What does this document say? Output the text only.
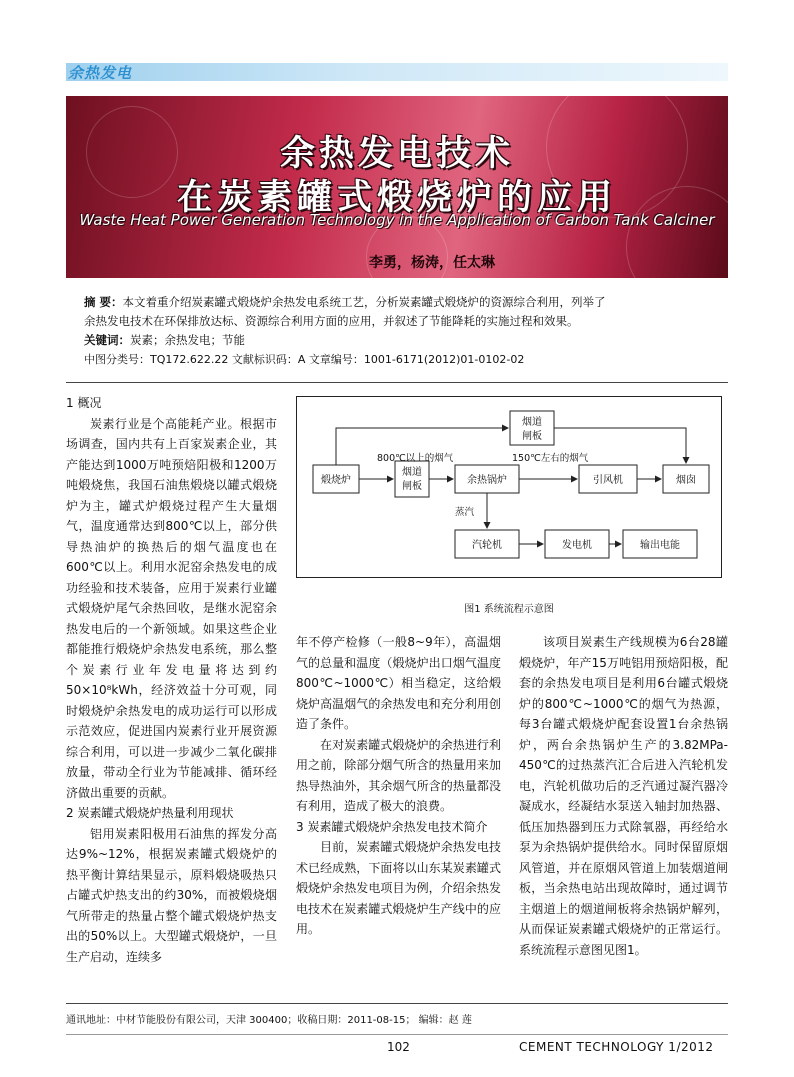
余热发电
余热发电技术
在炭素罐式煅烧炉的应用
Waste Heat Power Generation Technology in the Application of Carbon Tank Calciner
李勇，杨涛，任太琳
摘 要：本文着重介绍炭素罐式煅烧炉余热发电系统工艺，分析炭素罐式煅烧炉的资源综合利用，列举了
余热发电技术在环保排放达标、资源综合利用方面的应用，并叙述了节能降耗的实施过程和效果。
关键词：炭素；余热发电；节能
中图分类号：TQ172.622.22 文献标识码：A 文章编号：1001-6171(2012)01-0102-02
1 概况

炭素行业是个高能耗产业。根据市场调查，国内共有上百家炭素企业，其产能达到1000万吨预焙阳极和1200万吨煅烧焦，我国石油焦煅烧以罐式煅烧炉为主，罐式炉煅烧过程产生大量烟气，温度通常达到800℃以上，部分供导热油炉的换热后的烟气温度也在600℃以上。利用水泥窑余热发电的成功经验和技术装备，应用于炭素行业罐式煅烧炉尾气余热回收，是继水泥窑余热发电后的一个新领域。如果这些企业都能推行煅烧炉余热发电系统，那么整个炭素行业年发电量将达到约50×10⁸kWh，经济效益十分可观，同时煅烧炉余热发电的成功运行可以形成示范效应，促进国内炭素行业开展资源综合利用，可以进一步减少二氧化碳排放量，带动全行业为节能减排、循环经济做出重要的贡献。

2 炭素罐式煅烧炉热量利用现状

铝用炭素阳极用石油焦的挥发分高达9%~12%，根据炭素罐式煅烧炉的热平衡计算结果显示，原料煅烧吸热只占罐式炉热支出的约30%，而被煅烧烟气所带走的热量占整个罐式煅烧炉热支出的50%以上。大型罐式煅烧炉，一旦生产启动，连续多

煅烧炉
烟道
闸板
余热锅炉	引风机	烟囱
烟道
闸板
汽轮机	发电机	输出电能
800℃以上的烟气	150℃左右的烟气
蒸汽
图1 系统流程示意图

年不停产检修（一般8~9年），高温烟气的总量和温度（煅烧炉出口烟气温度800℃~1000℃）相当稳定，这给煅烧炉高温烟气的余热发电和充分利用创造了条件。

在对炭素罐式煅烧炉的余热进行利用之前，除部分烟气所含的热量用来加热导热油外，其余烟气所含的热量都没有利用，造成了极大的浪费。

3 炭素罐式煅烧炉余热发电技术简介

目前，炭素罐式煅烧炉余热发电技术已经成熟，下面将以山东某炭素罐式煅烧炉余热发电项目为例，介绍余热发电技术在炭素罐式煅烧炉生产线中的应用。

该项目炭素生产线规模为6台28罐煅烧炉，年产15万吨铝用预焙阳极，配套的余热发电项目是利用6台罐式煅烧炉的800℃~1000℃的烟气为热源，每3台罐式煅烧炉配套设置1台余热锅炉，两台余热锅炉生产的3.82MPa-450℃的过热蒸汽汇合后进入汽轮机发电，汽轮机做功后的乏汽通过凝汽器冷凝成水，经凝结水泵送入轴封加热器、低压加热器到压力式除氧器，再经给水泵为余热锅炉提供给水。同时保留原烟风管道，并在原烟风管道上加装烟道闸板，当余热电站出现故障时，通过调节主烟道上的烟道闸板将余热锅炉解列，从而保证炭素罐式煅烧炉的正常运行。系统流程示意图见图1。

通讯地址：中材节能股份有限公司，天津 300400；收稿日期：2011-08-15； 编辑：赵 莲
102	CEMENT TECHNOLOGY 1/2012
